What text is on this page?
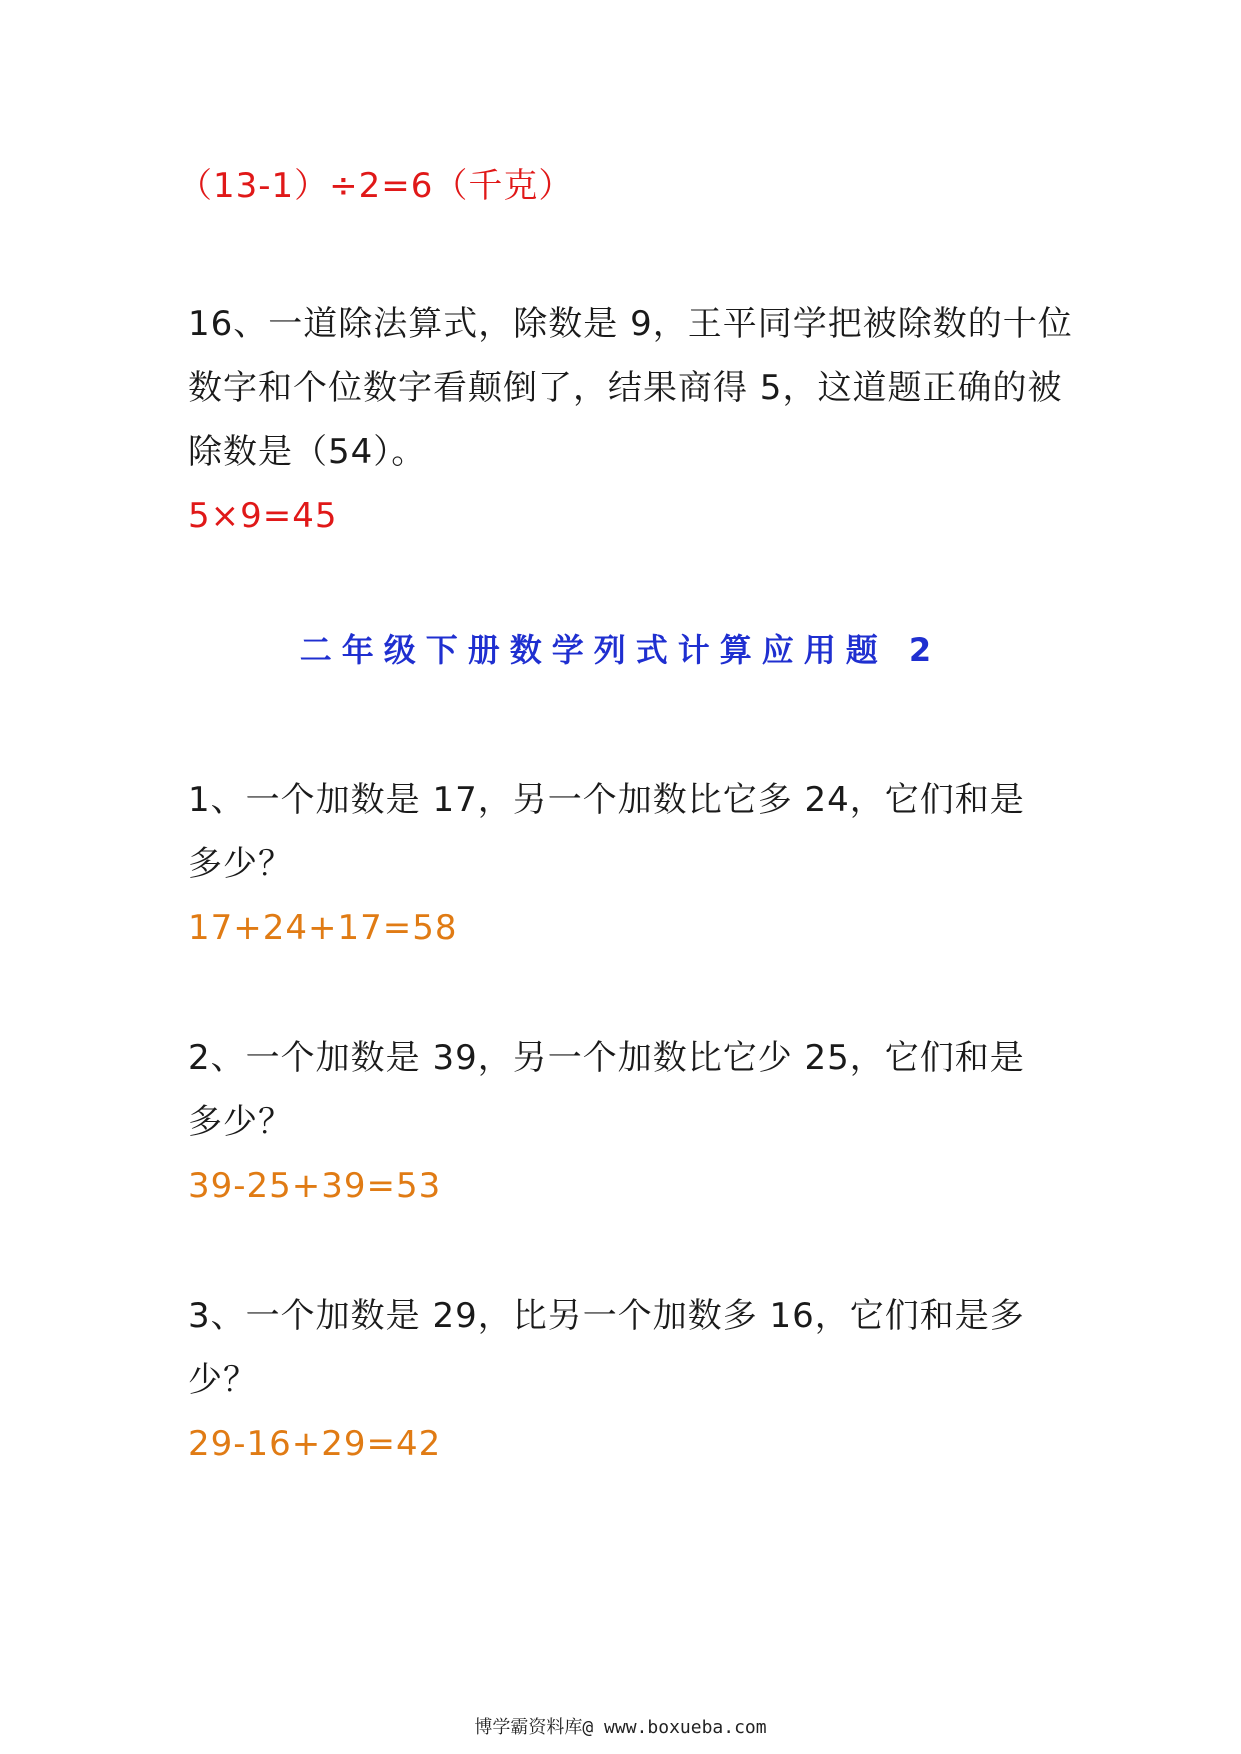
（13-1）÷2=6（千克）
16、一道除法算式，除数是 9，王平同学把被除数的十位
数字和个位数字看颠倒了，结果商得 5，这道题正确的被
除数是（54）。
5×9=45
二年级下册数学列式计算应用题 2
1、一个加数是 17，另一个加数比它多 24，它们和是
多少？
17+24+17=58
2、一个加数是 39，另一个加数比它少 25，它们和是
多少？
39-25+39=53
3、一个加数是 29，比另一个加数多 16，它们和是多
少？
29-16+29=42
博学霸资料库@ www.boxueba.com
